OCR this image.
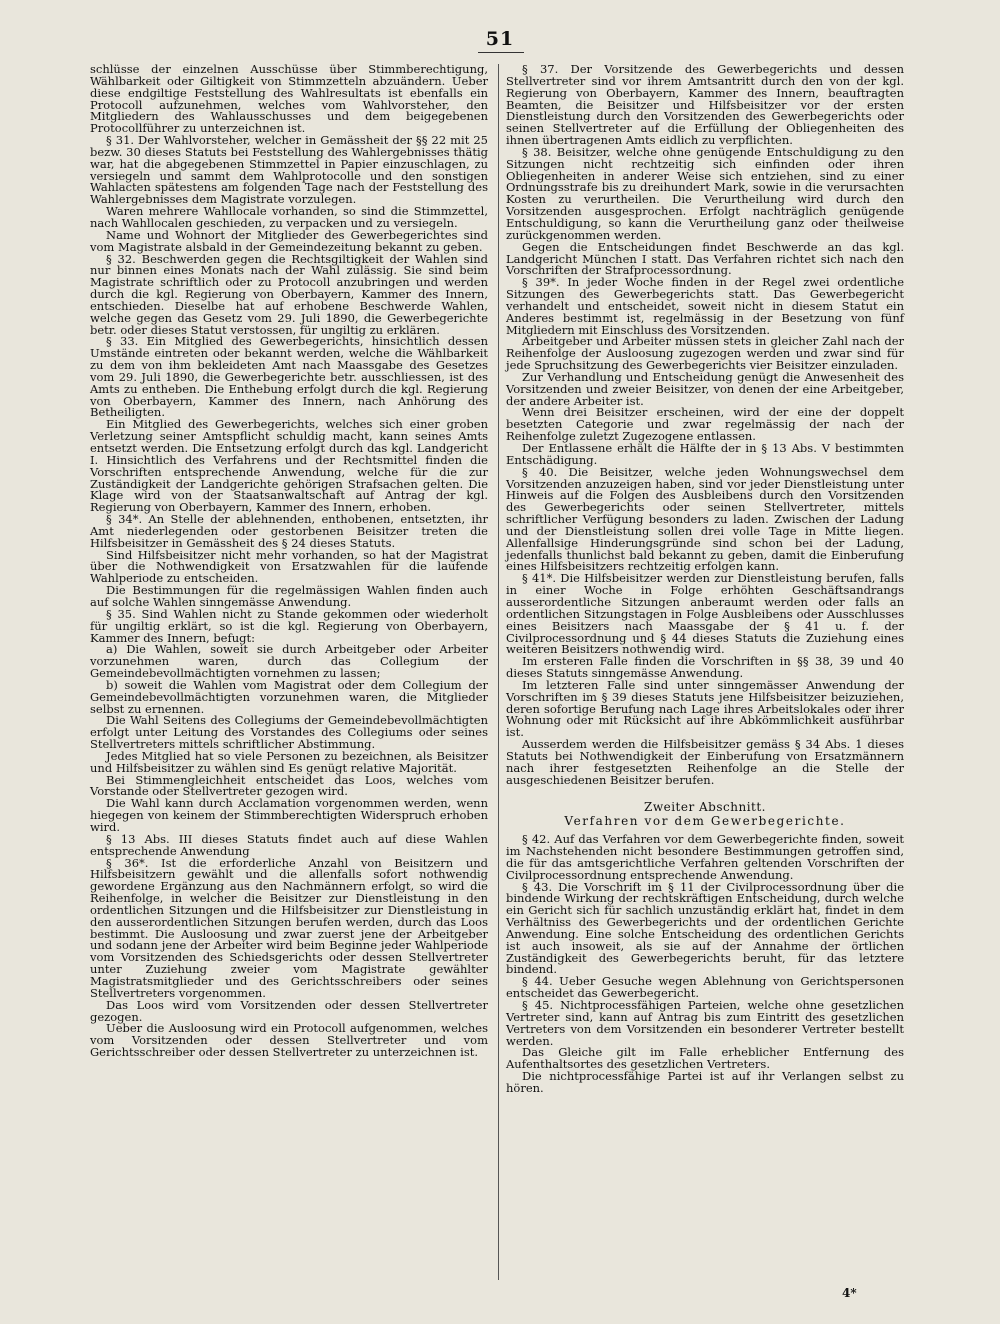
51

schlüsse der einzelnen Ausschüsse über Stimmberechtigung, Wählbarkeit oder Giltigkeit von Stimmzetteln abzuändern. Ueber diese endgiltige Feststellung des Wahlresultats ist ebenfalls ein Protocoll aufzunehmen, welches vom Wahlvorsteher, den Mitgliedern des Wahlausschusses und dem beigegebenen Protocollführer zu unterzeichnen ist.

§ 31. Der Wahlvorsteher, welcher in Gemässheit der §§ 22 mit 25 bezw. 30 dieses Statuts bei Feststellung des Wahlergebnisses thätig war, hat die abgegebenen Stimmzettel in Papier einzuschlagen, zu versiegeln und sammt dem Wahlprotocolle und den sonstigen Wahlacten spätestens am folgenden Tage nach der Feststellung des Wahlergebnisses dem Magistrate vorzulegen.

Waren mehrere Wahllocale vorhanden, so sind die Stimmzettel, nach Wahllocalen geschieden, zu verpacken und zu versiegeln.

Name und Wohnort der Mitglieder des Gewerbegerichtes sind vom Magistrate alsbald in der Gemeindezeitung bekannt zu geben.

§ 32. Beschwerden gegen die Rechtsgiltigkeit der Wahlen sind nur binnen eines Monats nach der Wahl zulässig. Sie sind beim Magistrate schriftlich oder zu Protocoll anzubringen und werden durch die kgl. Regierung von Oberbayern, Kammer des Innern, entschieden. Dieselbe hat auf erhobene Beschwerde Wahlen, welche gegen das Gesetz vom 29. Juli 1890, die Gewerbegerichte betr. oder dieses Statut verstossen, für ungiltig zu erklären.

§ 33. Ein Mitglied des Gewerbegerichts, hinsichtlich dessen Umstände eintreten oder bekannt werden, welche die Wählbarkeit zu dem von ihm bekleideten Amt nach Maassgabe des Gesetzes vom 29. Juli 1890, die Gewerbegerichte betr. ausschliessen, ist des Amts zu entheben. Die Enthebung erfolgt durch die kgl. Regierung von Oberbayern, Kammer des Innern, nach Anhörung des Betheiligten.

Ein Mitglied des Gewerbegerichts, welches sich einer groben Verletzung seiner Amtspflicht schuldig macht, kann seines Amts entsetzt werden. Die Entsetzung erfolgt durch das kgl. Landgericht I. Hinsichtlich des Verfahrens und der Rechtsmittel finden die Vorschriften entsprechende Anwendung, welche für die zur Zuständigkeit der Landgerichte gehörigen Strafsachen gelten. Die Klage wird von der Staatsanwaltschaft auf Antrag der kgl. Regierung von Oberbayern, Kammer des Innern, erhoben.

§ 34*. An Stelle der ablehnenden, enthobenen, entsetzten, ihr Amt niederlegenden oder gestorbenen Beisitzer treten die Hilfsbeisitzer in Gemässheit des § 24 dieses Statuts.

Sind Hilfsbeisitzer nicht mehr vorhanden, so hat der Magistrat über die Nothwendigkeit von Ersatzwahlen für die laufende Wahlperiode zu entscheiden.

Die Bestimmungen für die regelmässigen Wahlen finden auch auf solche Wahlen sinngemässe Anwendung.

§ 35. Sind Wahlen nicht zu Stande gekommen oder wiederholt für ungiltig erklärt, so ist die kgl. Regierung von Oberbayern, Kammer des Innern, befugt:

a) Die Wahlen, soweit sie durch Arbeitgeber oder Arbeiter vorzunehmen waren, durch das Collegium der Gemeindebevollmächtigten vornehmen zu lassen;

b) soweit die Wahlen vom Magistrat oder dem Collegium der Gemeindebevollmächtigten vorzunehmen waren, die Mitglieder selbst zu ernennen.

Die Wahl Seitens des Collegiums der Gemeindebevollmächtigten erfolgt unter Leitung des Vorstandes des Collegiums oder seines Stellvertreters mittels schriftlicher Abstimmung.

Jedes Mitglied hat so viele Personen zu bezeichnen, als Beisitzer und Hilfsbeisitzer zu wählen sind Es genügt relative Majorität.

Bei Stimmengleichheit entscheidet das Loos, welches vom Vorstande oder Stellvertreter gezogen wird.

Die Wahl kann durch Acclamation vorgenommen werden, wenn hiegegen von keinem der Stimmberechtigten Widerspruch erhoben wird.

§ 13 Abs. III dieses Statuts findet auch auf diese Wahlen entsprechende Anwendung

§ 36*. Ist die erforderliche Anzahl von Beisitzern und Hilfsbeisitzern gewählt und die allenfalls sofort nothwendig gewordene Ergänzung aus den Nachmännern erfolgt, so wird die Reihenfolge, in welcher die Beisitzer zur Dienstleistung in den ordentlichen Sitzungen und die Hilfsbeisitzer zur Dienstleistung in den ausserordentlichen Sitzungen berufen werden, durch das Loos bestimmt. Die Ausloosung und zwar zuerst jene der Arbeitgeber und sodann jene der Arbeiter wird beim Beginne jeder Wahlperiode vom Vorsitzenden des Schiedsgerichts oder dessen Stellvertreter unter Zuziehung zweier vom Magistrate gewählter Magistratsmitglieder und des Gerichtsschreibers oder seines Stellvertreters vorgenommen.

Das Loos wird vom Vorsitzenden oder dessen Stellvertreter gezogen.

Ueber die Ausloosung wird ein Protocoll aufgenommen, welches vom Vorsitzenden oder dessen Stellvertreter und vom Gerichtsschreiber oder dessen Stellvertreter zu unterzeichnen ist.

§ 37. Der Vorsitzende des Gewerbegerichts und dessen Stellvertreter sind vor ihrem Amtsantritt durch den von der kgl. Regierung von Oberbayern, Kammer des Innern, beauftragten Beamten, die Beisitzer und Hilfsbeisitzer vor der ersten Dienstleistung durch den Vorsitzenden des Gewerbegerichts oder seinen Stellvertreter auf die Erfüllung der Obliegenheiten des ihnen übertragenen Amts eidlich zu verpflichten.

§ 38. Beisitzer, welche ohne genügende Entschuldigung zu den Sitzungen nicht rechtzeitig sich einfinden oder ihren Obliegenheiten in anderer Weise sich entziehen, sind zu einer Ordnungsstrafe bis zu dreihundert Mark, sowie in die verursachten Kosten zu verurtheilen. Die Verurtheilung wird durch den Vorsitzenden ausgesprochen. Erfolgt nachträglich genügende Entschuldigung, so kann die Verurtheilung ganz oder theilweise zurückgenommen werden.

Gegen die Entscheidungen findet Beschwerde an das kgl. Landgericht München I statt. Das Verfahren richtet sich nach den Vorschriften der Strafprocessordnung.

§ 39*. In jeder Woche finden in der Regel zwei ordentliche Sitzungen des Gewerbegerichts statt. Das Gewerbegericht verhandelt und entscheidet, soweit nicht in diesem Statut ein Anderes bestimmt ist, regelmässig in der Besetzung von fünf Mitgliedern mit Einschluss des Vorsitzenden.

Arbeitgeber und Arbeiter müssen stets in gleicher Zahl nach der Reihenfolge der Ausloosung zugezogen werden und zwar sind für jede Spruchsitzung des Gewerbegerichts vier Beisitzer einzuladen.

Zur Verhandlung und Entscheidung genügt die Anwesenheit des Vorsitzenden und zweier Beisitzer, von denen der eine Arbeitgeber, der andere Arbeiter ist.

Wenn drei Beisitzer erscheinen, wird der eine der doppelt besetzten Categorie und zwar regelmässig der nach der Reihenfolge zuletzt Zugezogene entlassen.

Der Entlassene erhält die Hälfte der in § 13 Abs. V bestimmten Entschädigung.

§ 40. Die Beisitzer, welche jeden Wohnungswechsel dem Vorsitzenden anzuzeigen haben, sind vor jeder Dienstleistung unter Hinweis auf die Folgen des Ausbleibens durch den Vorsitzenden des Gewerbegerichts oder seinen Stellvertreter, mittels schriftlicher Verfügung besonders zu laden. Zwischen der Ladung und der Dienstleistung sollen drei volle Tage in Mitte liegen. Allenfallsige Hinderungsgründe sind schon bei der Ladung, jedenfalls thunlichst bald bekannt zu geben, damit die Einberufung eines Hilfsbeisitzers rechtzeitig erfolgen kann.

§ 41*. Die Hilfsbeisitzer werden zur Dienstleistung berufen, falls in einer Woche in Folge erhöhten Geschäftsandrangs ausserordentliche Sitzungen anberaumt werden oder falls an ordentlichen Sitzungstagen in Folge Ausbleibens oder Ausschlusses eines Beisitzers nach Maassgabe der § 41 u. f. der Civilprocessordnung und § 44 dieses Statuts die Zuziehung eines weiteren Beisitzers nothwendig wird.

Im ersteren Falle finden die Vorschriften in §§ 38, 39 und 40 dieses Statuts sinngemässe Anwendung.

Im letzteren Falle sind unter sinngemässer Anwendung der Vorschriften im § 39 dieses Statuts jene Hilfsbeisitzer beizuziehen, deren sofortige Berufung nach Lage ihres Arbeitslokales oder ihrer Wohnung oder mit Rücksicht auf ihre Abkömmlichkeit ausführbar ist.

Ausserdem werden die Hilfsbeisitzer gemäss § 34 Abs. 1 dieses Statuts bei Nothwendigkeit der Einberufung von Ersatzmännern nach ihrer festgesetzten Reihenfolge an die Stelle der ausgeschiedenen Beisitzer berufen.

Zweiter Abschnitt.
Verfahren vor dem Gewerbegerichte.

§ 42. Auf das Verfahren vor dem Gewerbegerichte finden, soweit im Nachstehenden nicht besondere Bestimmungen getroffen sind, die für das amtsgerichtliche Verfahren geltenden Vorschriften der Civilprocessordnung entsprechende Anwendung.

§ 43. Die Vorschrift im § 11 der Civilprocessordnung über die bindende Wirkung der rechtskräftigen Entscheidung, durch welche ein Gericht sich für sachlich unzuständig erklärt hat, findet in dem Verhältniss des Gewerbegerichts und der ordentlichen Gerichte Anwendung. Eine solche Entscheidung des ordentlichen Gerichts ist auch insoweit, als sie auf der Annahme der örtlichen Zuständigkeit des Gewerbegerichts beruht, für das letztere bindend.

§ 44. Ueber Gesuche wegen Ablehnung von Gerichtspersonen entscheidet das Gewerbegericht.

§ 45. Nichtprocessfähigen Parteien, welche ohne gesetzlichen Vertreter sind, kann auf Antrag bis zum Eintritt des gesetzlichen Vertreters von dem Vorsitzenden ein besonderer Vertreter bestellt werden.

Das Gleiche gilt im Falle erheblicher Entfernung des Aufenthaltsortes des gesetzlichen Vertreters.

Die nichtprocessfähige Partei ist auf ihr Verlangen selbst zu hören.

4*
